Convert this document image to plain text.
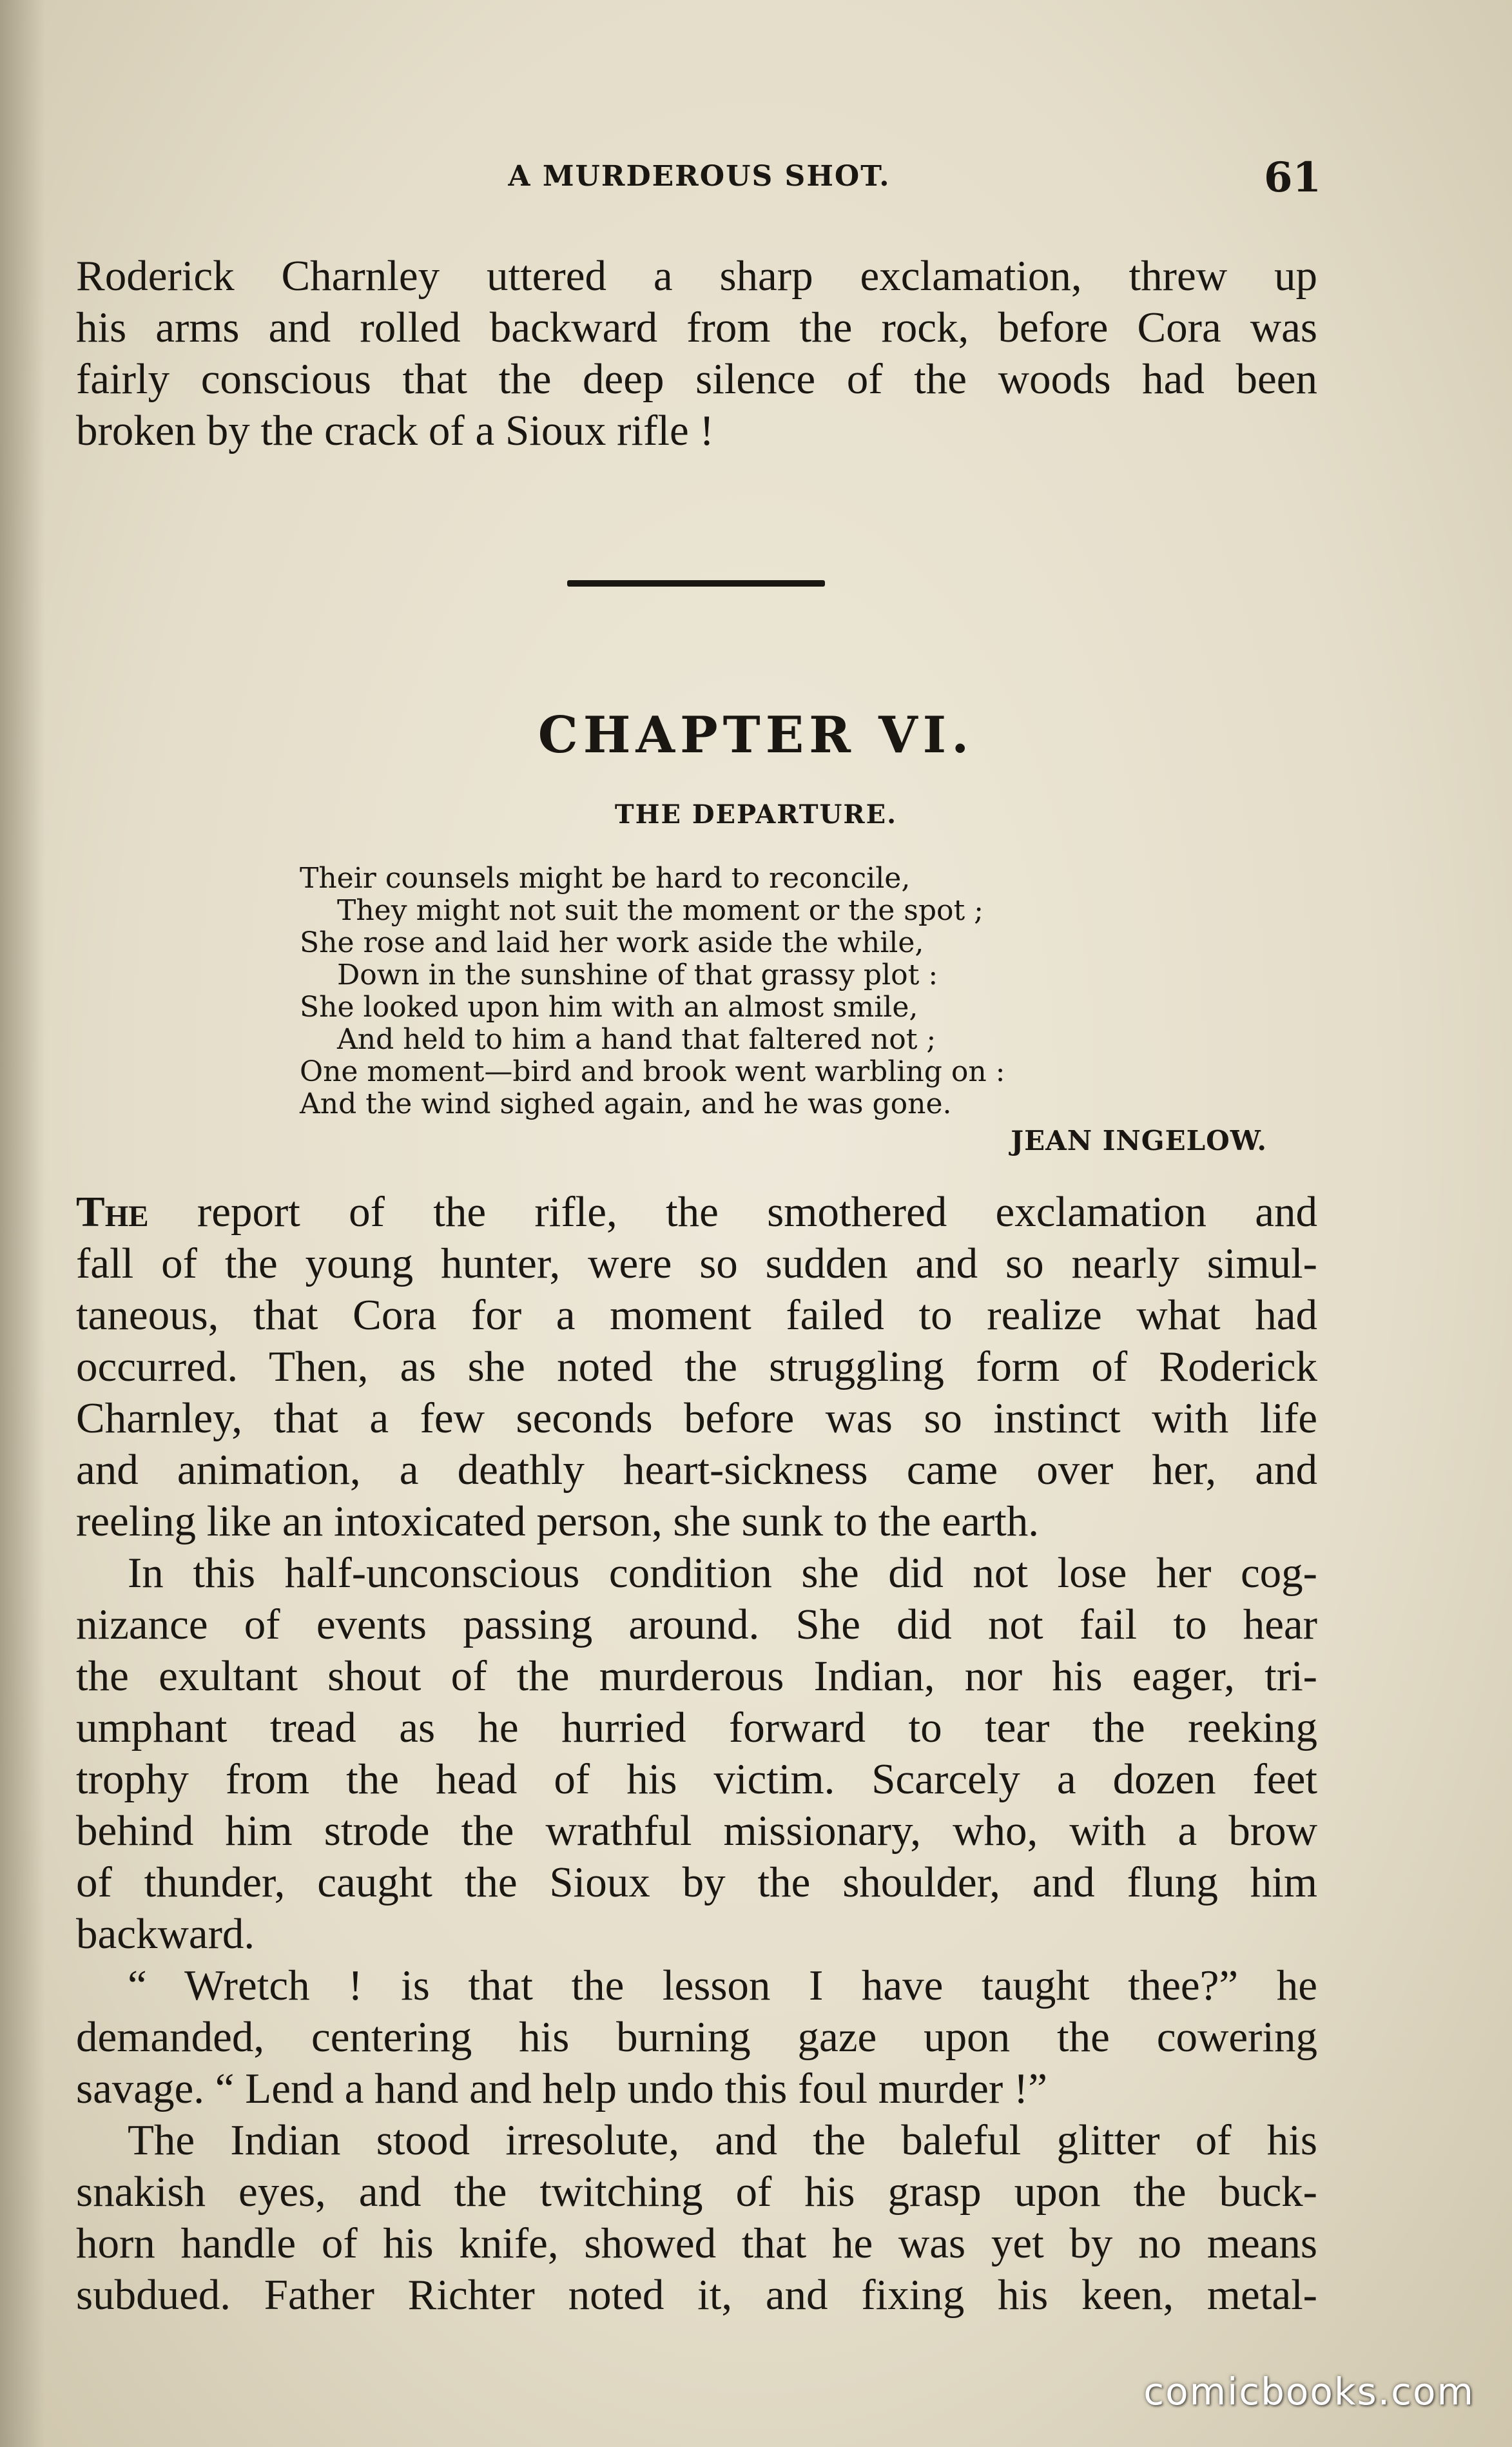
A MURDEROUS SHOT.	61
Roderick Charnley uttered a sharp exclamation, threw up
his arms and rolled backward from the rock, before Cora was
fairly conscious that the deep silence of the woods had been
broken by the crack of a Sioux rifle !
CHAPTER VI.
THE DEPARTURE.
Their counsels might be hard to reconcile,
They might not suit the moment or the spot ;
She rose and laid her work aside the while,
Down in the sunshine of that grassy plot :
She looked upon him with an almost smile,
And held to him a hand that faltered not ;
One moment—bird and brook went warbling on :
And the wind sighed again, and he was gone.
JEAN INGELOW.
The report of the rifle, the smothered exclamation and
fall of the young hunter, were so sudden and so nearly simul-
taneous, that Cora for a moment failed to realize what had
occurred. Then, as she noted the struggling form of Roderick
Charnley, that a few seconds before was so instinct with life
and animation, a deathly heart-sickness came over her, and
reeling like an intoxicated person, she sunk to the earth.
In this half-unconscious condition she did not lose her cog-
nizance of events passing around. She did not fail to hear
the exultant shout of the murderous Indian, nor his eager, tri-
umphant tread as he hurried forward to tear the reeking
trophy from the head of his victim. Scarcely a dozen feet
behind him strode the wrathful missionary, who, with a brow
of thunder, caught the Sioux by the shoulder, and flung him
backward.
“ Wretch ! is that the lesson I have taught thee?” he
demanded, centering his burning gaze upon the cowering
savage. “ Lend a hand and help undo this foul murder !”
The Indian stood irresolute, and the baleful glitter of his
snakish eyes, and the twitching of his grasp upon the buck-
horn handle of his knife, showed that he was yet by no means
subdued. Father Richter noted it, and fixing his keen, metal-
comicbooks.com
